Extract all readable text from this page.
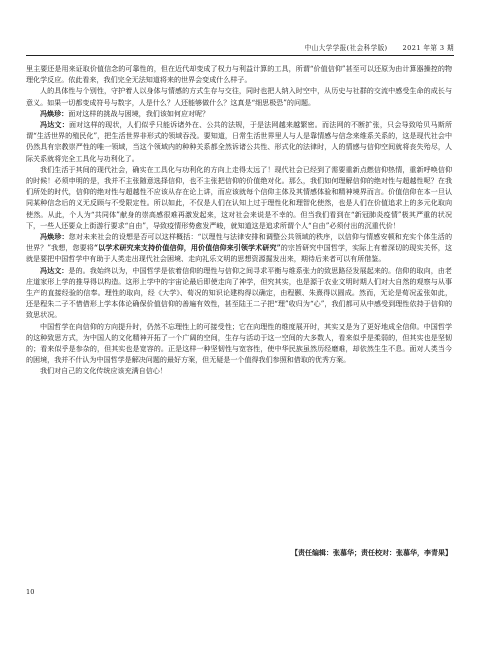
中山大学学报(社会科学版) 2021 年第 3 期

里主要还是用来证取价值信念的可靠性的，但在近代却变成了权力与利益计算的工具，所谓“价值信仰”甚至可以还原为由计算器操控的物理化学反应。依此看来，我们完全无法知道将来的世界会变成什么样子。

人的具体性与个别性，守护着人以身体与情感的方式生存与交往，同时也把人纳入时空中，从历史与社群的交流中感受生命的成长与意义。如果一切都变成符号与数字，人是什么？人还能够做什么？这真是“细思极恐”的问题。

冯焕珍：面对这样的挑战与困境，我们该如何应对呢？

冯达文：面对这样的现状，人们似乎只能诉诸外在、公共的法规，于是法网越来越繁密。而法网的不断扩张，只会导致哈贝马斯所谓“生活世界的殖民化”，把生活世界非形式的领域吞没。要知道，日常生活世界里人与人是靠情感与信念来维系关系的，这是现代社会中仍然具有宗教崇严性的唯一领域，当这个领域内的种种关系都全然诉诸公共性、形式化的法律时，人的情感与信仰空间就将丧失殆尽，人际关系就将完全工具化与功利化了。

我们生活于其间的现代社会，确实在工具化与功利化的方向上走得太远了！现代社会已经到了需要重新点燃信仰热情，重新呼唤信仰的时候！必须申明的是，我并不主张随意选择信仰，也不主张把信仰的价值绝对化。那么，我们如何理解信仰的绝对性与超越性呢？在我们所处的时代，信仰的绝对性与超越性不应该从存在论上讲，而应该就每个信仰主体及其情感体验和精神境界而言。价值信仰在本一旦认同某种信念后的义无反顾与不受限定性。所以如此，不仅是人们在认知上过于理性化和理智化使然，也是人们在价值追求上的多元化取向使然。从此，个人为“共同体”献身的崇高感很难再激发起来，这对社会来说是不幸的。但当我们看到在“新冠肺炎疫情”极其严重的状况下，一些人还要众上街游行要求“自由”，导致疫情形势愈发严峻，就知道这是追求所谓个人“自由”必须付出的沉重代价！

冯焕珍：您对未来社会的设想是否可以这样概括：“以理性与法律安排和调整公共领域的秩序，以信仰与情感安顿和充实个体生活的世界？”我想，您要将“以学术研究来支持价值信仰，用价值信仰来引领学术研究”的宗旨研究中国哲学，实际上有着深切的现实关怀，这就是要把中国哲学中有助于人类走出现代社会困境、走向礼乐文明的思想资源掘发出来，期待后来者可以有所借鉴。

冯达文：是的。我始终以为，中国哲学是依着信仰的理性与信仰之间寻求平衡与维系张力的致思路径发展起来的。信仰的取向，由老庄道家形上学的推导得以构造。这形上学中的宇宙论最后即使走向了神学，但究其实，也是源于农业文明时期人们对大自然的观察与从事生产的直接经验的信奉。理性的取向，经《大学》、荀况的知识论建构得以确定，由程颢、朱熹得以圆成。然而，无论是荀况孟张如此，还是程朱二子不惜借形上学本体论确保价值信仰的善遍有效性，甚至陆王二子把“理”收归为“心”，我们都可从中感受到理性依持于信仰的致思状况。

中国哲学在向信仰的方向提升时，仍然不忘理性上的可接受性；它在向理性的维度展开时，其实又是为了更好地成全信仰。中国哲学的这种致思方式，为中国人的文化精神开拓了一个广阔的空间，生存与活动于这一空间的大多数人，看来似乎是柔弱的，但其实也是坚韧的；看来似乎是参杂的，但其实也是宽容的。正是这样一种坚韧性与宽容性，使中华民族虽然历经磨难，却依然生生不息。面对人类当今的困境，我并不什认为中国哲学是解决问题的最好方案，但无疑是一个值得我们参照和借取的优秀方案。

我们对自己的文化传统应该充满自信心！

【责任编辑：张慕华；责任校对：张慕华，李青果】
10
